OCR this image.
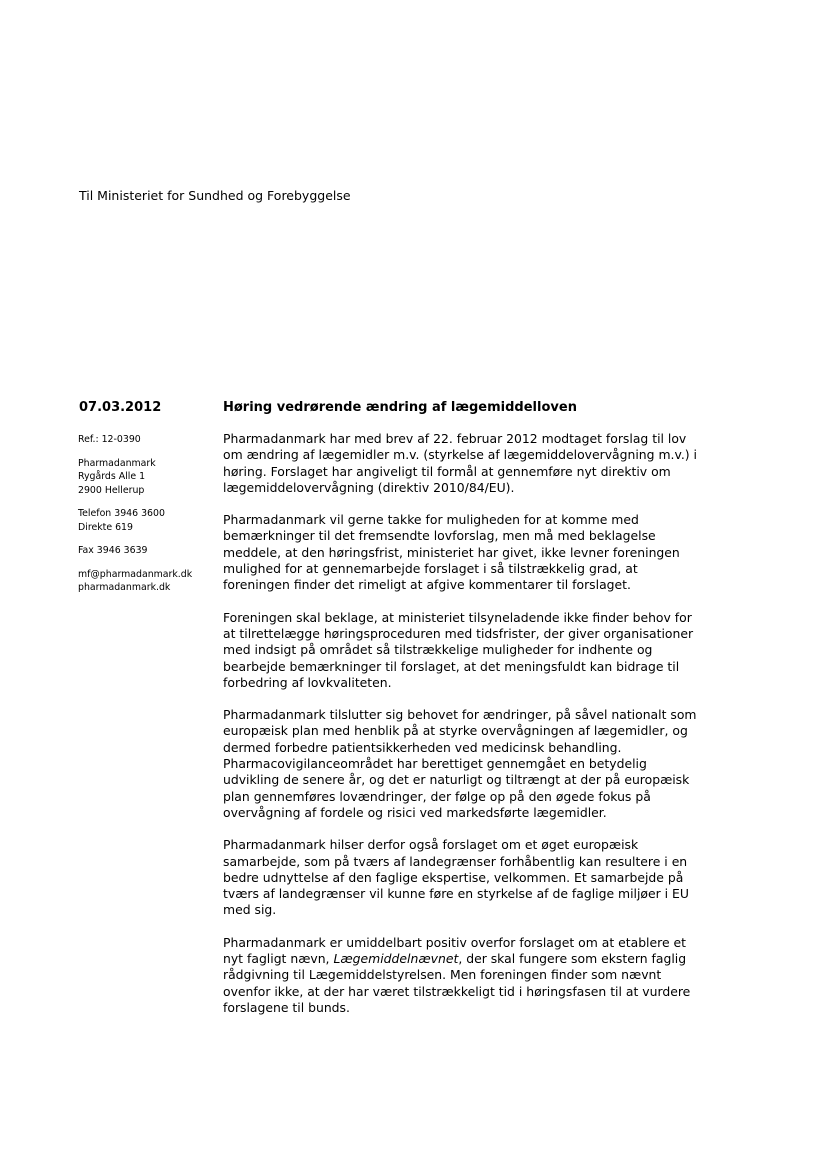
Til Ministeriet for Sundhed og Forebyggelse
07.03.2012	Høring vedrørende ændring af lægemiddelloven
Ref.: 12-0390
Pharmadanmark
Rygårds Alle 1
2900 Hellerup
Telefon 3946 3600
Direkte 619
Fax 3946 3639
mf@pharmadanmark.dk
pharmadanmark.dk

Pharmadanmark har med brev af 22. februar 2012 modtaget forslag til lov om ændring af lægemidler m.v. (styrkelse af lægemiddelovervågning m.v.) i høring. Forslaget har angiveligt til formål at gennemføre nyt direktiv om lægemiddelovervågning (direktiv 2010/84/EU).

Pharmadanmark vil gerne takke for muligheden for at komme med bemærkninger til det fremsendte lovforslag, men må med beklagelse meddele, at den høringsfrist, ministeriet har givet, ikke levner foreningen mulighed for at gennemarbejde forslaget i så tilstrækkelig grad, at foreningen finder det rimeligt at afgive kommentarer til forslaget.

Foreningen skal beklage, at ministeriet tilsyneladende ikke finder behov for at tilrettelægge høringsproceduren med tidsfrister, der giver organisationer med indsigt på området så tilstrækkelige muligheder for indhente og bearbejde bemærkninger til forslaget, at det meningsfuldt kan bidrage til forbedring af lovkvaliteten.

Pharmadanmark tilslutter sig behovet for ændringer, på såvel nationalt som europæisk plan med henblik på at styrke overvågningen af lægemidler, og dermed forbedre patientsikkerheden ved medicinsk behandling. Pharmacovigilanceområdet har berettiget gennemgået en betydelig udvikling de senere år, og det er naturligt og tiltrængt at der på europæisk plan gennemføres lovændringer, der følge op på den øgede fokus på overvågning af fordele og risici ved markedsførte lægemidler.

Pharmadanmark hilser derfor også forslaget om et øget europæisk samarbejde, som på tværs af landegrænser forhåbentlig kan resultere i en bedre udnyttelse af den faglige ekspertise, velkommen. Et samarbejde på tværs af landegrænser vil kunne føre en styrkelse af de faglige miljøer i EU med sig.

Pharmadanmark er umiddelbart positiv overfor forslaget om at etablere et nyt fagligt nævn, Lægemiddelnævnet, der skal fungere som ekstern faglig rådgivning til Lægemiddelstyrelsen. Men foreningen finder som nævnt ovenfor ikke, at der har været tilstrækkeligt tid i høringsfasen til at vurdere forslagene til bunds.
